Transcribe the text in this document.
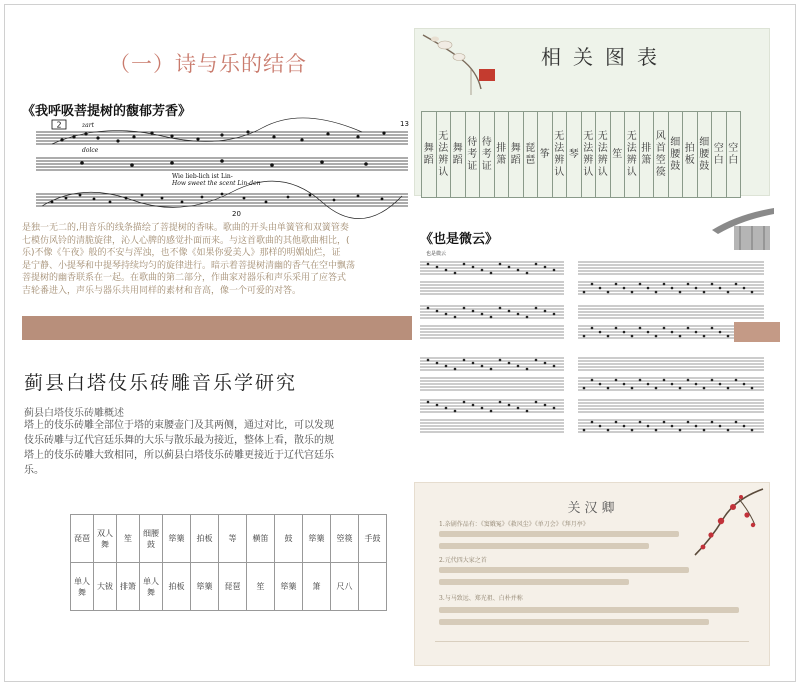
（一）诗与乐的结合
《我呼吸菩提树的馥郁芳香》
2	13
20
zart
dolce
Wie lieb-lich ist Lin-
How sweet the scent Lin-den
是独一无二的,用音乐的线条描绘了菩提树的香味。歌曲的开头由单簧管和双簧管奏
七模仿风铃的清脆旋律，沁人心脾的感觉扑面而来。与这首歌曲的其他歌曲相比，(
乐)不像《午夜》般的不安与浑浊，也不像《如果你爱美人》那样的明媚灿烂，证
是宁静、小提琴和中提琴持续均匀的旋律进行。暗示着菩提树清幽的香气在空中飘荡
菩提树的幽香联系在一起。在歌曲的第二部分，作曲家对器乐和声乐采用了应答式
吉轮番进入，声乐与器乐共用同样的素材和音高，像一个可爱的对答。
蓟县白塔伎乐砖雕音乐学研究
蓟县白塔伎乐砖雕概述
塔上的伎乐砖雕全部位于塔的束腰壶门及其两侧，通过对比，可以发现
伎乐砖雕与辽代宫廷乐舞的大乐与散乐最为接近，整体上看，散乐的规
塔上的伎乐砖雕大致相同，所以蓟县白塔伎乐砖雕更接近于辽代宫廷乐
乐。
琵琶	双人舞	笙	细腰鼓	筚篥	拍板	等	横笛	鼓	筚篥	箜篌	手鼓
单人舞	大钹	排箫	单人舞	拍板	筚篥	琵琶	笙	筚篥	箫	尺八	
相关图表
舞蹈	无法辨认	舞蹈	待考证	待考证	排箫	舞蹈	琵琶	筝	无法辨认	琴	无法辨认	无法辨认	笙	无法辨认	排箫	风首箜篌	细腰鼓	拍板	细腰鼓	空白	空白
《也是微云》
也是微云
关汉卿
1.杂剧作品有：《窦娥冤》《救风尘》《单刀会》《拜月亭》
2.元代四大家之首
3.与马致远、郑光祖、白朴并称
